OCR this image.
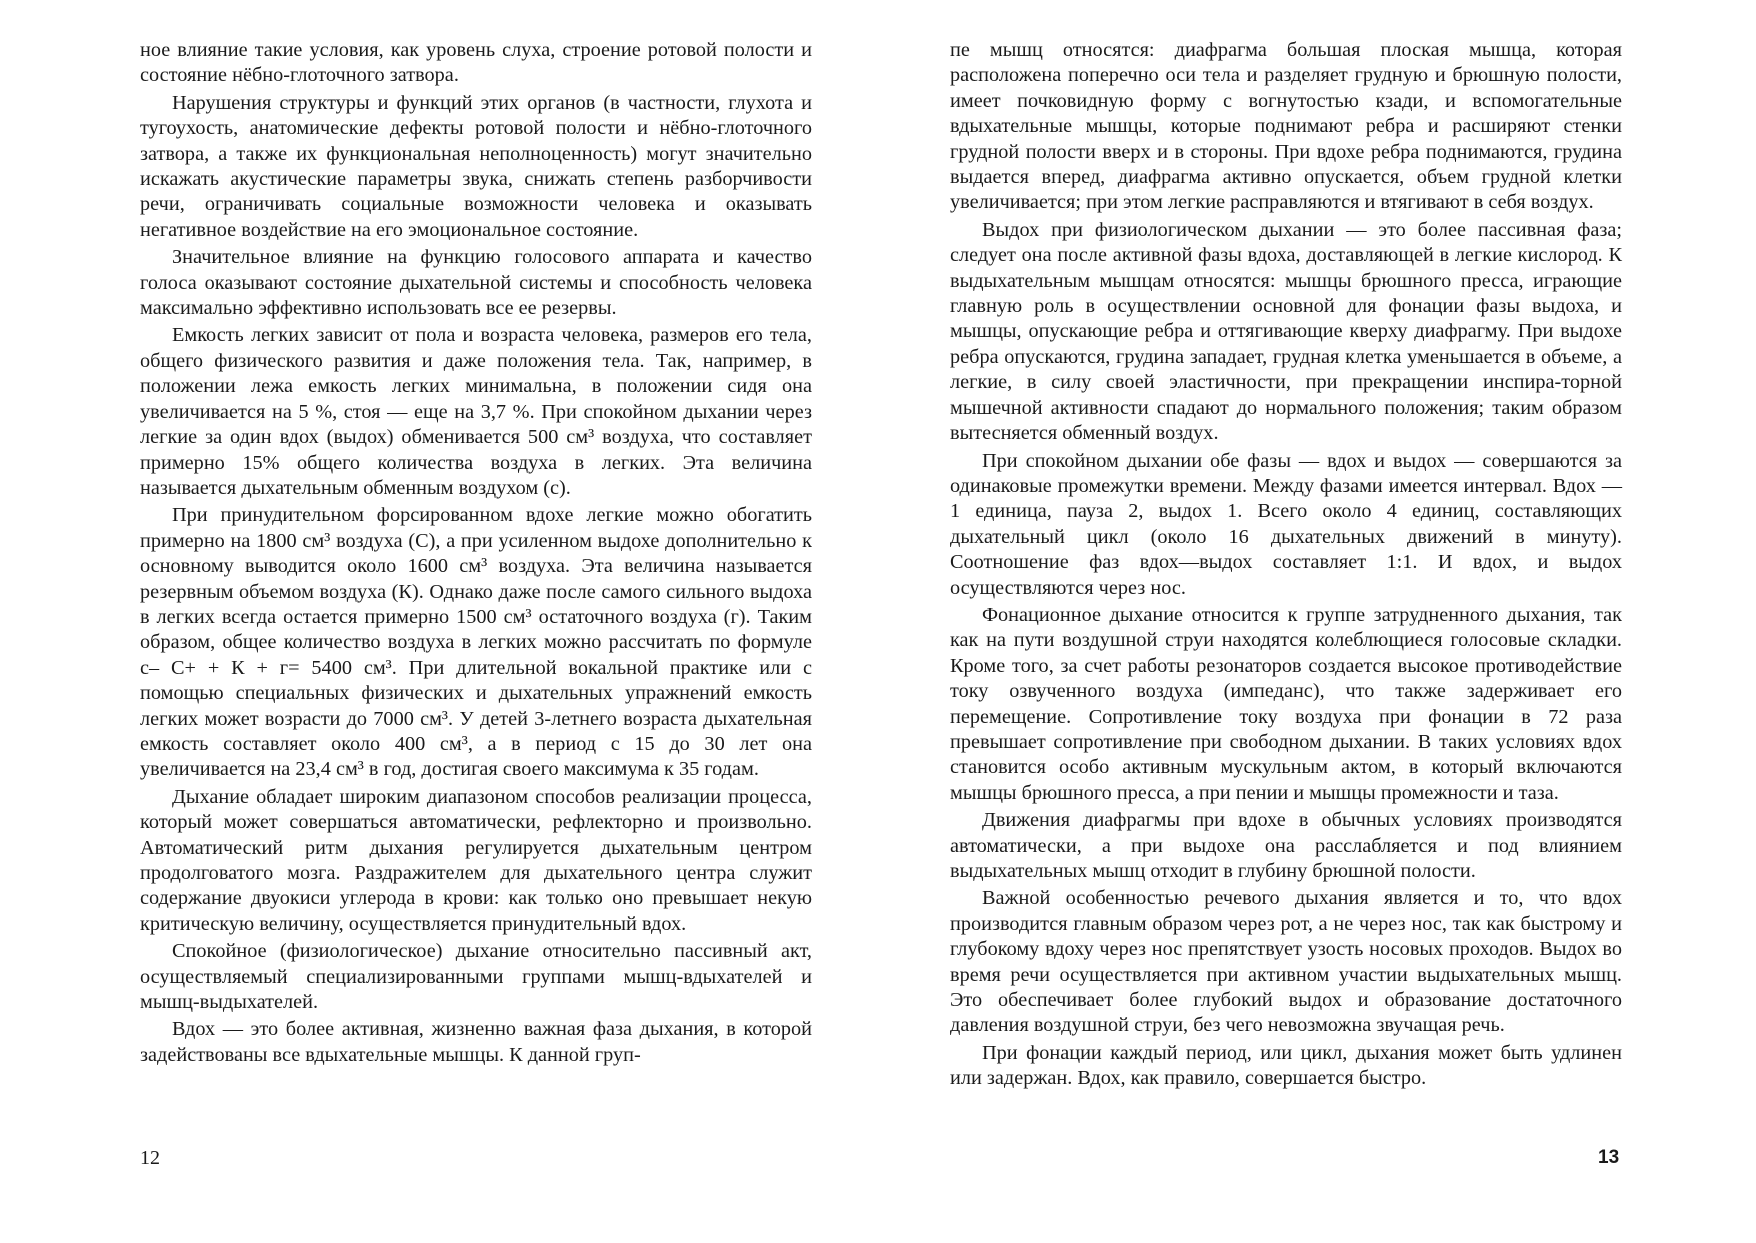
ное влияние такие условия, как уровень слуха, строение ротовой полости и состояние нёбно-глоточного затвора.

Нарушения структуры и функций этих органов (в частности, глухота и тугоухость, анатомические дефекты ротовой полости и нёбно-глоточного затвора, а также их функциональная неполноценность) могут значительно искажать акустические параметры звука, снижать степень разборчивости речи, ограничивать социальные возможности человека и оказывать негативное воздействие на его эмоциональное состояние.

Значительное влияние на функцию голосового аппарата и качество голоса оказывают состояние дыхательной системы и способность человека максимально эффективно использовать все ее резервы.

Емкость легких зависит от пола и возраста человека, размеров его тела, общего физического развития и даже положения тела. Так, например, в положении лежа емкость легких минимальна, в положении сидя она увеличивается на 5 %, стоя — еще на 3,7 %. При спокойном дыхании через легкие за один вдох (выдох) обменивается 500 см³ воздуха, что составляет примерно 15% общего количества воздуха в легких. Эта величина называется дыхательным обменным воздухом (с).

При принудительном форсированном вдохе легкие можно обогатить примерно на 1800 см³ воздуха (С), а при усиленном выдохе дополнительно к основному выводится около 1600 см³ воздуха. Эта величина называется резервным объемом воздуха (К). Однако даже после самого сильного выдоха в легких всегда остается примерно 1500 см³ остаточного воздуха (г). Таким образом, общее количество воздуха в легких можно рассчитать по формуле с– С+ + К + г= 5400 см³. При длительной вокальной практике или с помощью специальных физических и дыхательных упражнений емкость легких может возрасти до 7000 см³. У детей 3-летнего возраста дыхательная емкость составляет около 400 см³, а в период с 15 до 30 лет она увеличивается на 23,4 см³ в год, достигая своего максимума к 35 годам.

Дыхание обладает широким диапазоном способов реализации процесса, который может совершаться автоматически, рефлекторно и произвольно. Автоматический ритм дыхания регулируется дыхательным центром продолговатого мозга. Раздражителем для дыхательного центра служит содержание двуокиси углерода в крови: как только оно превышает некую критическую величину, осуществляется принудительный вдох.

Спокойное (физиологическое) дыхание относительно пассивный акт, осуществляемый специализированными группами мышц-вдыхателей и мышц-выдыхателей.

Вдох — это более активная, жизненно важная фаза дыхания, в которой задействованы все вдыхательные мышцы. К данной груп-

12

пе мышц относятся: диафрагма большая плоская мышца, которая расположена поперечно оси тела и разделяет грудную и брюшную полости, имеет почковидную форму с вогнутостью кзади, и вспомогательные вдыхательные мышцы, которые поднимают ребра и расширяют стенки грудной полости вверх и в стороны. При вдохе ребра поднимаются, грудина выдается вперед, диафрагма активно опускается, объем грудной клетки увеличивается; при этом легкие расправляются и втягивают в себя воздух.

Выдох при физиологическом дыхании — это более пассивная фаза; следует она после активной фазы вдоха, доставляющей в легкие кислород. К выдыхательным мышцам относятся: мышцы брюшного пресса, играющие главную роль в осуществлении основной для фонации фазы выдоха, и мышцы, опускающие ребра и оттягивающие кверху диафрагму. При выдохе ребра опускаются, грудина западает, грудная клетка уменьшается в объеме, а легкие, в силу своей эластичности, при прекращении инспира-торной мышечной активности спадают до нормального положения; таким образом вытесняется обменный воздух.

При спокойном дыхании обе фазы — вдох и выдох — совершаются за одинаковые промежутки времени. Между фазами имеется интервал. Вдох — 1 единица, пауза 2, выдох 1. Всего около 4 единиц, составляющих дыхательный цикл (около 16 дыхательных движений в минуту). Соотношение фаз вдох—выдох составляет 1:1. И вдох, и выдох осуществляются через нос.

Фонационное дыхание относится к группе затрудненного дыхания, так как на пути воздушной струи находятся колеблющиеся голосовые складки. Кроме того, за счет работы резонаторов создается высокое противодействие току озвученного воздуха (импеданс), что также задерживает его перемещение. Сопротивление току воздуха при фонации в 72 раза превышает сопротивление при свободном дыхании. В таких условиях вдох становится особо активным мускульным актом, в который включаются мышцы брюшного пресса, а при пении и мышцы промежности и таза.

Движения диафрагмы при вдохе в обычных условиях производятся автоматически, а при выдохе она расслабляется и под влиянием выдыхательных мышц отходит в глубину брюшной полости.

Важной особенностью речевого дыхания является и то, что вдох производится главным образом через рот, а не через нос, так как быстрому и глубокому вдоху через нос препятствует узость носовых проходов. Выдох во время речи осуществляется при активном участии выдыхательных мышц. Это обеспечивает более глубокий выдох и образование достаточного давления воздушной струи, без чего невозможна звучащая речь.

При фонации каждый период, или цикл, дыхания может быть удлинен или задержан. Вдох, как правило, совершается быстро.

13
